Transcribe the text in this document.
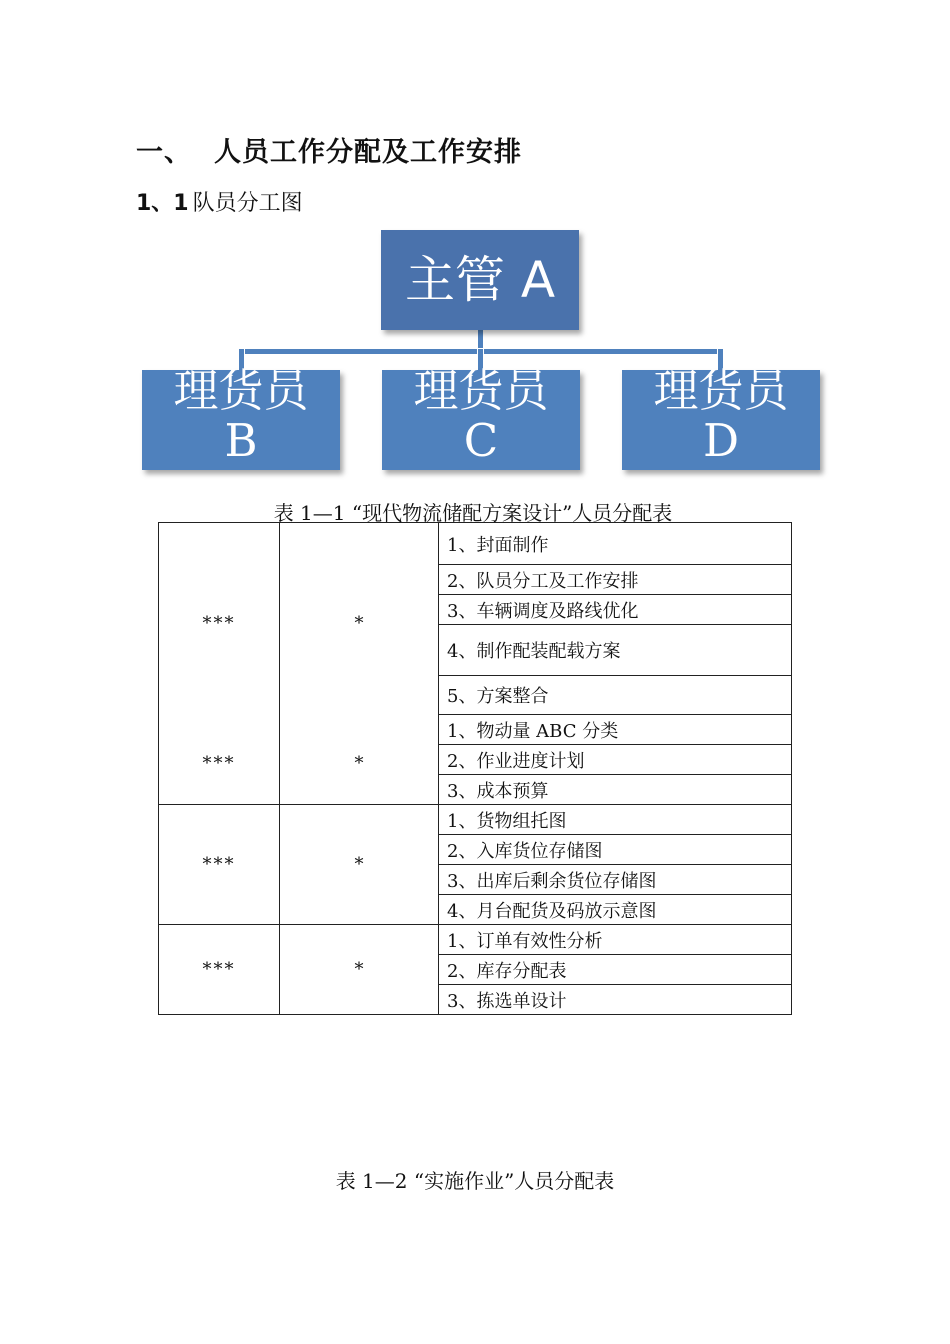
一、 人员工作分配及工作安排
1、1 队员分工图
主管 A
理货员
B
理货员
C
理货员
D
表 1—1 “现代物流储配方案设计”人员分配表
***	*	1、封面制作
		2、队员分工及工作安排
		3、车辆调度及路线优化
		4、制作配装配载方案
		5、方案整合
***	*	1、物动量 ABC 分类
		2、作业进度计划
		3、成本预算
***	*	1、货物组托图
		2、入库货位存储图
		3、出库后剩余货位存储图
		4、月台配货及码放示意图
***	*	1、订单有效性分析
		2、库存分配表
		3、拣选单设计
表 1—2 “实施作业”人员分配表
